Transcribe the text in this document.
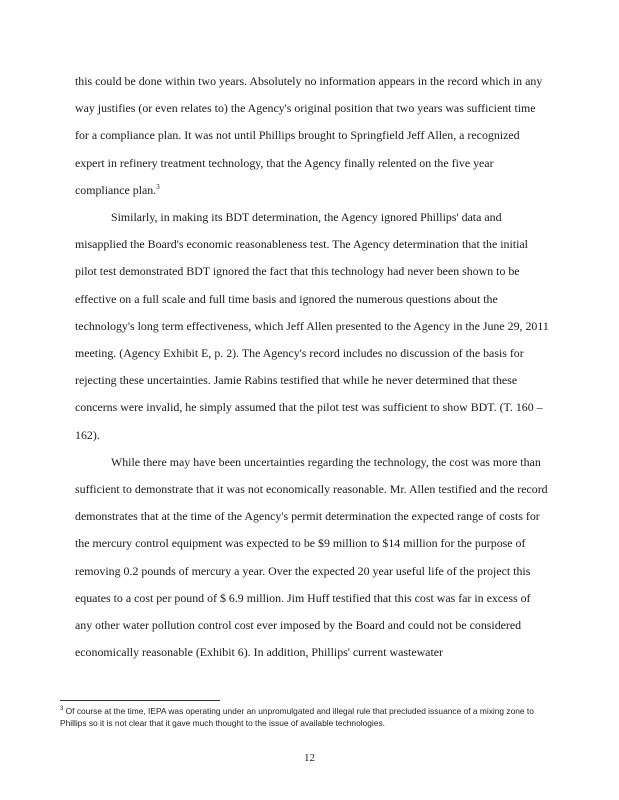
this could be done within two years. Absolutely no information appears in the record which in any way justifies (or even relates to) the Agency's original position that two years was sufficient time for a compliance plan. It was not until Phillips brought to Springfield Jeff Allen, a recognized expert in refinery treatment technology, that the Agency finally relented on the five year compliance plan.$^3$

Similarly, in making its BDT determination, the Agency ignored Phillips' data and misapplied the Board's economic reasonableness test. The Agency determination that the initial pilot test demonstrated BDT ignored the fact that this technology had never been shown to be effective on a full scale and full time basis and ignored the numerous questions about the technology's long term effectiveness, which Jeff Allen presented to the Agency in the June 29, 2011 meeting. (Agency Exhibit E, p. 2). The Agency's record includes no discussion of the basis for rejecting these uncertainties. Jamie Rabins testified that while he never determined that these concerns were invalid, he simply assumed that the pilot test was sufficient to show BDT. (T. 160 – 162).

While there may have been uncertainties regarding the technology, the cost was more than sufficient to demonstrate that it was not economically reasonable. Mr. Allen testified and the record demonstrates that at the time of the Agency's permit determination the expected range of costs for the mercury control equipment was expected to be $9 million to $14 million for the purpose of removing 0.2 pounds of mercury a year. Over the expected 20 year useful life of the project this equates to a cost per pound of $ 6.9 million. Jim Huff testified that this cost was far in excess of any other water pollution control cost ever imposed by the Board and could not be considered economically reasonable (Exhibit 6). In addition, Phillips' current wastewater

$^3$ Of course at the time, IEPA was operating under an unpromulgated and illegal rule that precluded issuance of a mixing zone to Phillips so it is not clear that it gave much thought to the issue of available technologies.
12
